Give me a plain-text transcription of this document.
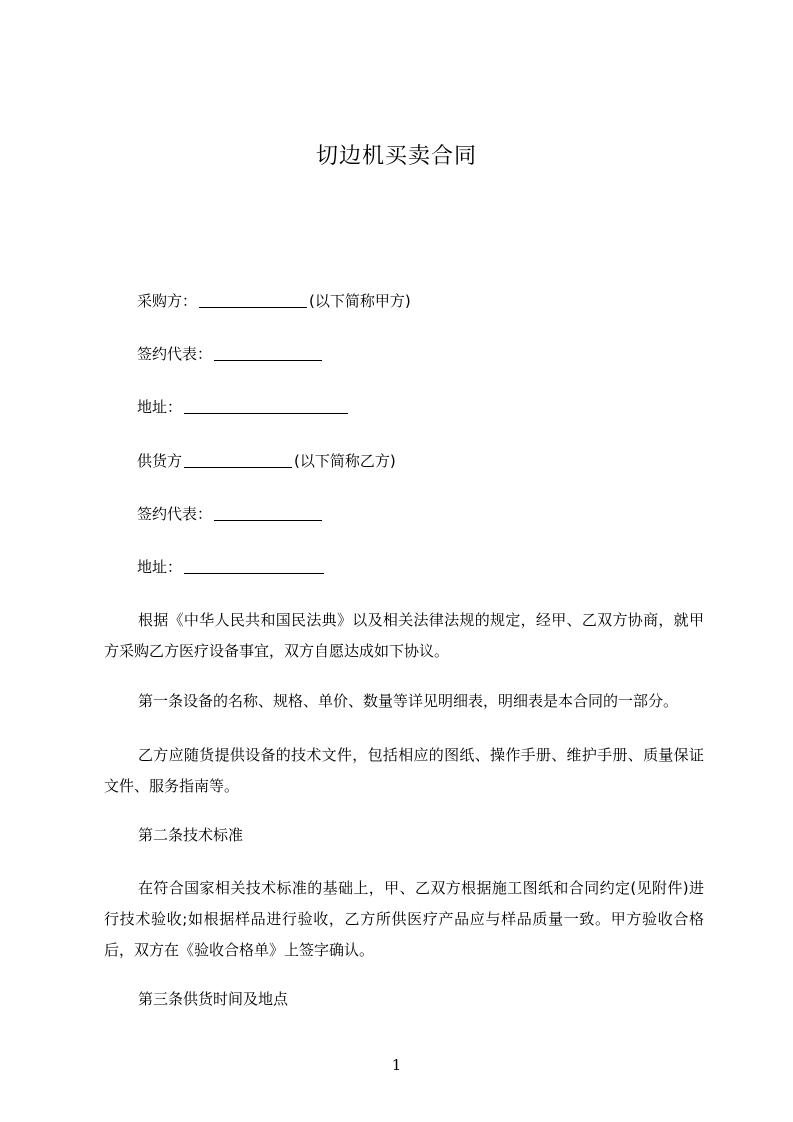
切边机买卖合同
采购方：	(以下简称甲方)
签约代表：
地址：
供货方	(以下简称乙方)
签约代表：
地址：
根据《中华人民共和国民法典》以及相关法律法规的规定，经甲、乙双方协商，就甲方采购乙方医疗设备事宜，双方自愿达成如下协议。
第一条设备的名称、规格、单价、数量等详见明细表，明细表是本合同的一部分。
乙方应随货提供设备的技术文件，包括相应的图纸、操作手册、维护手册、质量保证文件、服务指南等。
第二条技术标准
在符合国家相关技术标准的基础上，甲、乙双方根据施工图纸和合同约定(见附件)进行技术验收;如根据样品进行验收，乙方所供医疗产品应与样品质量一致。甲方验收合格后，双方在《验收合格单》上签字确认。
第三条供货时间及地点
1
